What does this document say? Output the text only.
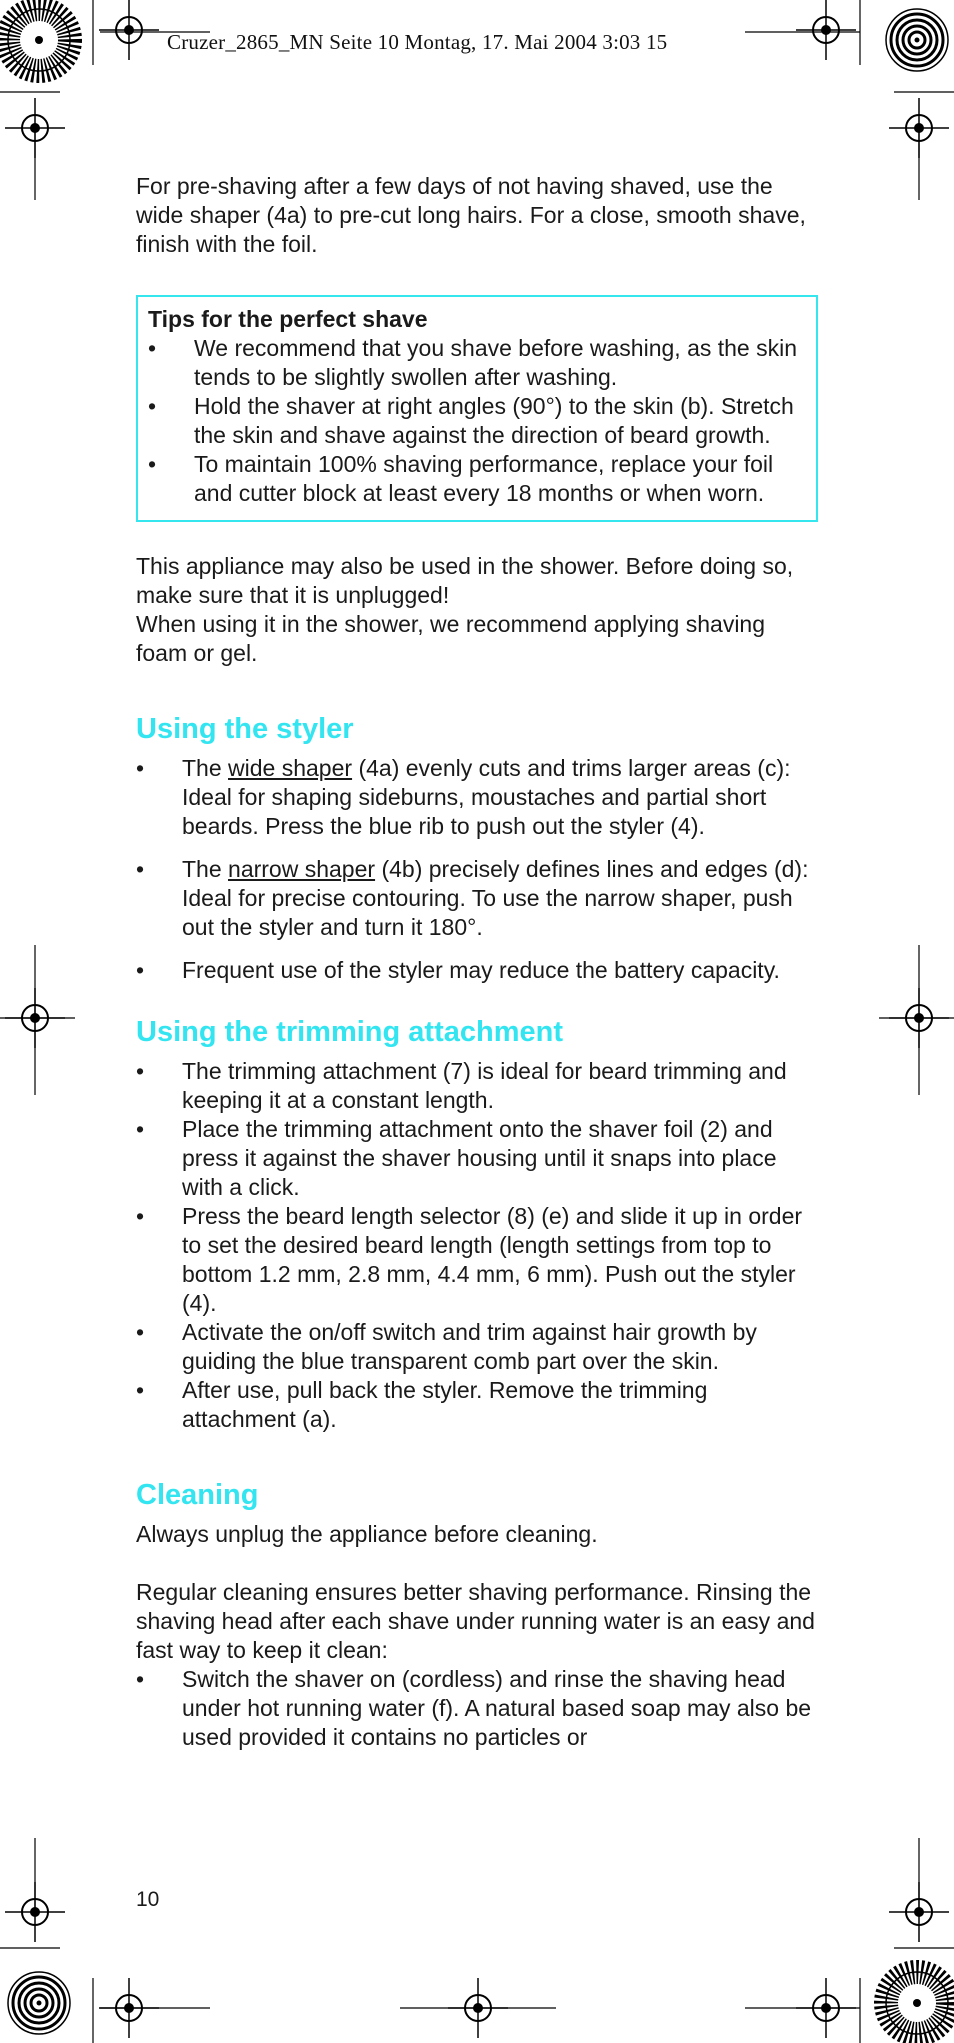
Cruzer_2865_MN Seite 10 Montag, 17. Mai 2004 3:03 15

For pre-shaving after a few days of not having shaved, use the wide shaper (4a) to pre-cut long hairs. For a close, smooth shave, finish with the foil.

Tips for the perfect shave
• We recommend that you shave before washing, as the skin tends to be slightly swollen after washing.
• Hold the shaver at right angles (90°) to the skin (b). Stretch the skin and shave against the direction of beard growth.
• To maintain 100% shaving performance, replace your foil and cutter block at least every 18 months or when worn.

This appliance may also be used in the shower. Before doing so, make sure that it is unplugged!

When using it in the shower, we recommend applying shaving foam or gel.

Using the styler
• The wide shaper (4a) evenly cuts and trims larger areas (c): Ideal for shaping sideburns, moustaches and partial short beards. Press the blue rib to push out the styler (4).
• The narrow shaper (4b) precisely defines lines and edges (d): Ideal for precise contouring. To use the narrow shaper, push out the styler and turn it 180°.
• Frequent use of the styler may reduce the battery capacity.
Using the trimming attachment
• The trimming attachment (7) is ideal for beard trimming and keeping it at a constant length.
• Place the trimming attachment onto the shaver foil (2) and press it against the shaver housing until it snaps into place with a click.
• Press the beard length selector (8) (e) and slide it up in order to set the desired beard length (length settings from top to bottom 1.2 mm, 2.8 mm, 4.4 mm, 6 mm). Push out the styler (4).
• Activate the on/off switch and trim against hair growth by guiding the blue transparent comb part over the skin.
• After use, pull back the styler. Remove the trimming attachment (a).
Cleaning

Always unplug the appliance before cleaning.

Regular cleaning ensures better shaving performance. Rinsing the shaving head after each shave under running water is an easy and fast way to keep it clean:

• Switch the shaver on (cordless) and rinse the shaving head under hot running water (f). A natural based soap may also be used provided it contains no particles or
10
